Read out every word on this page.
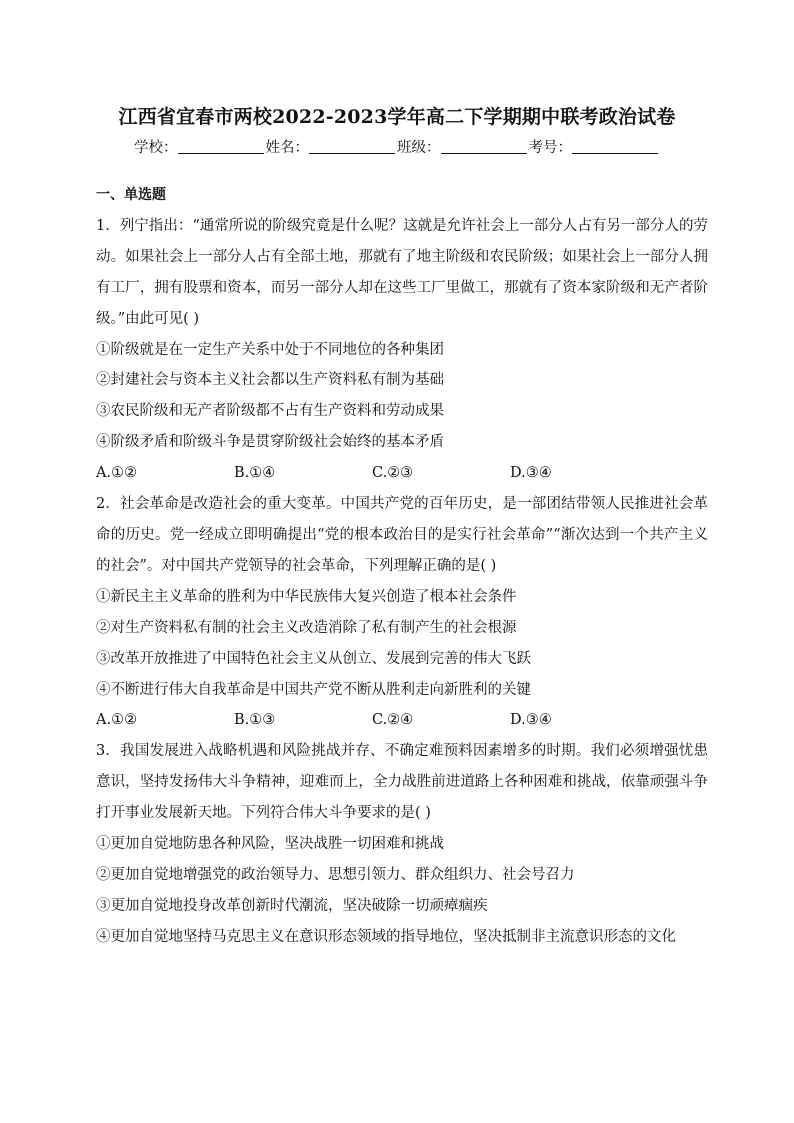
江西省宜春市两校2022-2023学年高二下学期期中联考政治试卷
学校：	姓名：	班级：	考号：
一、单选题

1．列宁指出：“通常所说的阶级究竟是什么呢？这就是允许社会上一部分人占有另一部分人的劳动。如果社会上一部分人占有全部土地，那就有了地主阶级和农民阶级；如果社会上一部分人拥有工厂，拥有股票和资本，而另一部分人却在这些工厂里做工，那就有了资本家阶级和无产者阶级。”由此可见( )

①阶级就是在一定生产关系中处于不同地位的各种集团

②封建社会与资本主义社会都以生产资料私有制为基础

③农民阶级和无产者阶级都不占有生产资料和劳动成果

④阶级矛盾和阶级斗争是贯穿阶级社会始终的基本矛盾

A.①②	B.①④	C.②③	D.③④

2．社会革命是改造社会的重大变革。中国共产党的百年历史，是一部团结带领人民推进社会革命的历史。党一经成立即明确提出“党的根本政治目的是实行社会革命”“渐次达到一个共产主义的社会”。对中国共产党领导的社会革命，下列理解正确的是( )

①新民主主义革命的胜利为中华民族伟大复兴创造了根本社会条件

②对生产资料私有制的社会主义改造消除了私有制产生的社会根源

③改革开放推进了中国特色社会主义从创立、发展到完善的伟大飞跃

④不断进行伟大自我革命是中国共产党不断从胜利走向新胜利的关键

A.①②	B.①③	C.②④	D.③④

3．我国发展进入战略机遇和风险挑战并存、不确定难预料因素增多的时期。我们必须增强忧患意识，坚持发扬伟大斗争精神，迎难而上，全力战胜前进道路上各种困难和挑战，依靠顽强斗争打开事业发展新天地。下列符合伟大斗争要求的是( )

①更加自觉地防患各种风险，坚决战胜一切困难和挑战

②更加自觉地增强党的政治领导力、思想引领力、群众组织力、社会号召力

③更加自觉地投身改革创新时代潮流，坚决破除一切顽瘴痼疾

④更加自觉地坚持马克思主义在意识形态领域的指导地位，坚决抵制非主流意识形态的文化
